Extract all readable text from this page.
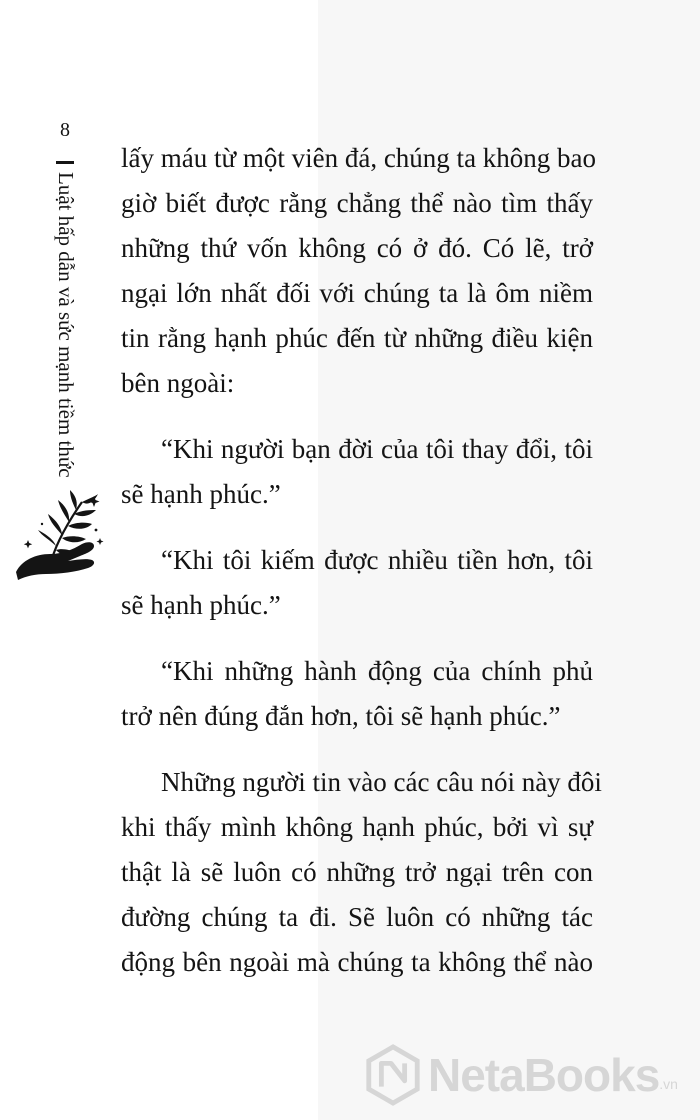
8
Luật hấp dẫn và sức mạnh tiềm thức
lấy máu từ một viên đá, chúng ta không bao
giờ biết được rằng chẳng thể nào tìm thấy
những thứ vốn không có ở đó. Có lẽ, trở
ngại lớn nhất đối với chúng ta là ôm niềm
tin rằng hạnh phúc đến từ những điều kiện
bên ngoài:
“Khi người bạn đời của tôi thay đổi, tôi
sẽ hạnh phúc.”
“Khi tôi kiếm được nhiều tiền hơn, tôi
sẽ hạnh phúc.”
“Khi những hành động của chính phủ
trở nên đúng đắn hơn, tôi sẽ hạnh phúc.”
Những người tin vào các câu nói này đôi
khi thấy mình không hạnh phúc, bởi vì sự
thật là sẽ luôn có những trở ngại trên con
đường chúng ta đi. Sẽ luôn có những tác
động bên ngoài mà chúng ta không thể nào
NetaBooks .vn
